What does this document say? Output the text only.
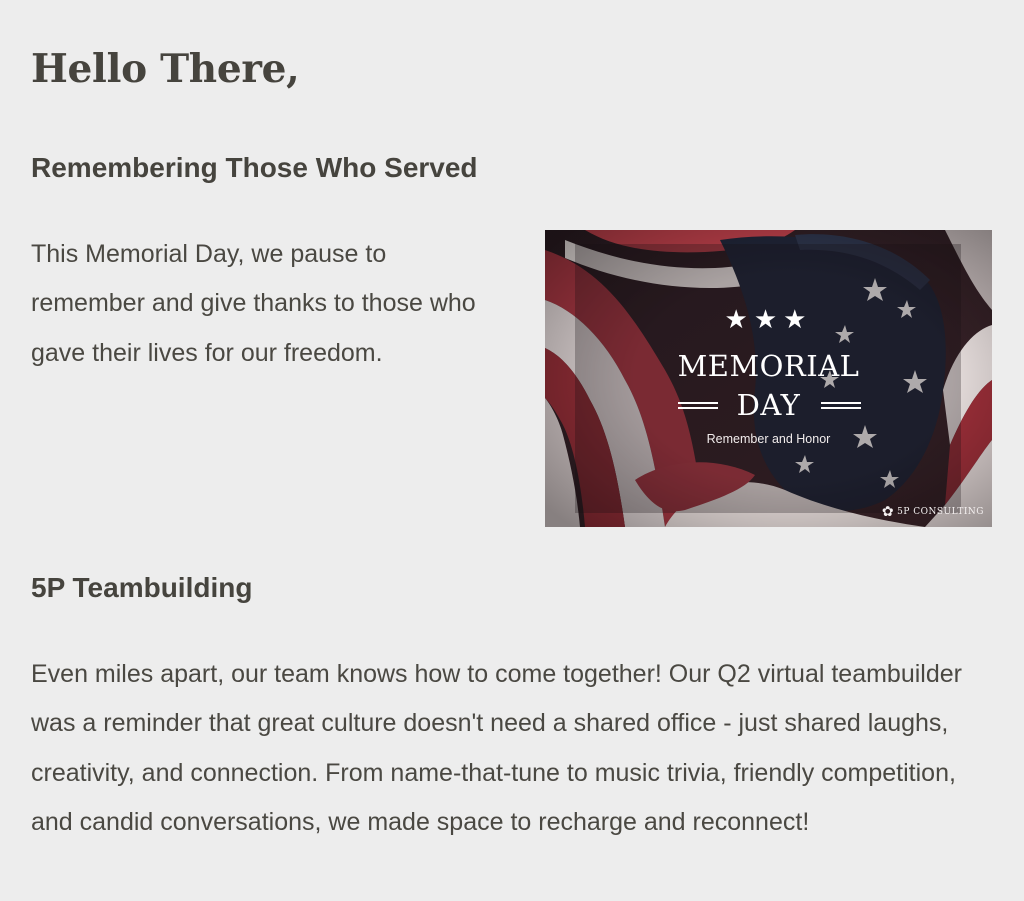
Hello There,
Remembering Those Who Served

This Memorial Day, we pause to remember and give thanks to those who gave their lives for our freedom.

★★★
MEMORIAL
DAY
Remember and Honor
✿ 5P CONSULTING
5P Teambuilding

Even miles apart, our team knows how to come together! Our Q2 virtual teambuilder was a reminder that great culture doesn't need a shared office - just shared laughs, creativity, and connection. From name-that-tune to music trivia, friendly competition, and candid conversations, we made space to recharge and reconnect!
